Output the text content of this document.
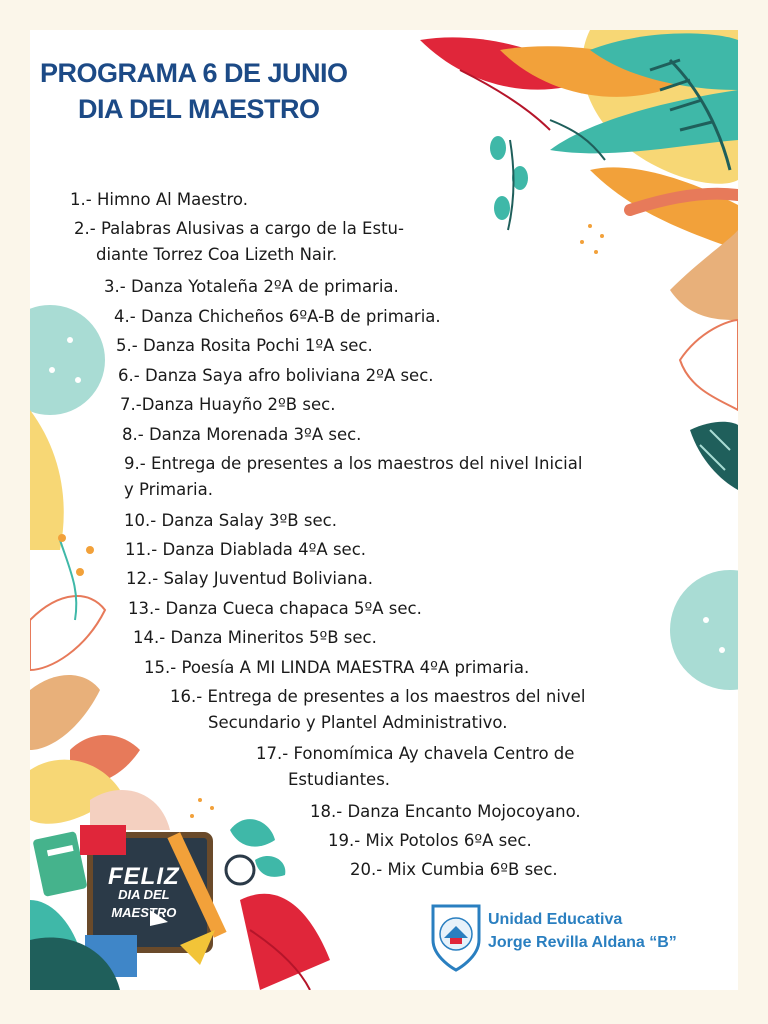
PROGRAMA 6 DE JUNIO
DIA DEL MAESTRO

1.- Himno Al Maestro.

2.- Palabras Alusivas a cargo de la Estu-
diante Torrez Coa Lizeth Nair.

3.- Danza Yotaleña 2ºA de primaria.

4.- Danza Chicheños 6ºA-B de primaria.

5.- Danza Rosita Pochi 1ºA sec.

6.- Danza Saya afro boliviana 2ºA sec.

7.-Danza Huayño 2ºB sec.

8.- Danza Morenada 3ºA sec.

9.- Entrega de presentes a los maestros del nivel Inicial
y Primaria.

10.- Danza Salay 3ºB sec.

11.- Danza Diablada 4ºA sec.

12.- Salay Juventud Boliviana.

13.- Danza Cueca chapaca 5ºA sec.

14.- Danza Mineritos 5ºB sec.

15.- Poesía A MI LINDA MAESTRA 4ºA primaria.

16.- Entrega de presentes a los maestros del nivel
Secundario y Plantel Administrativo.

17.- Fonomímica Ay chavela Centro de
Estudiantes.

18.- Danza Encanto Mojocoyano.

19.- Mix Potolos 6ºA sec.

20.- Mix Cumbia 6ºB sec.

FELIZ
DIA DEL
MAESTRO	Unidad Educativa
Jorge Revilla Aldana “B”
